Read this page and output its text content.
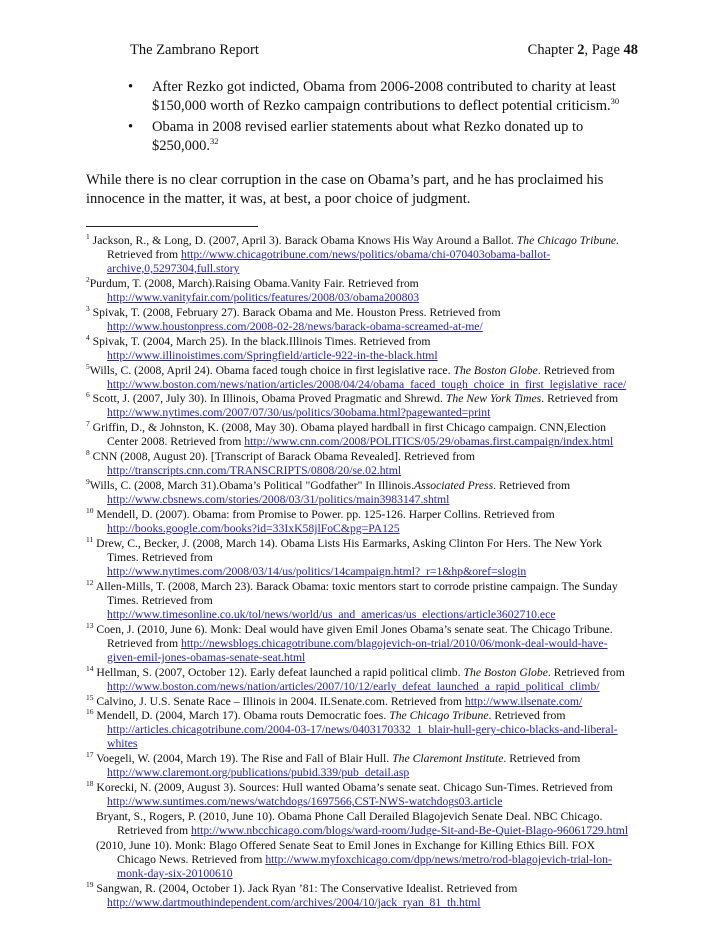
The Zambrano Report	Chapter 2, Page 48
• After Rezko got indicted, Obama from 2006-2008 contributed to charity at least
$150,000 worth of Rezko campaign contributions to deflect potential criticism.$^{30}$
• Obama in 2008 revised earlier statements about what Rezko donated up to
$250,000.32
While there is no clear corruption in the case on Obama’s part, and he has proclaimed his
innocence in the matter, it was, at best, a poor choice of judgment.
$^1$ Jackson, R., & Long, D. (2007, April 3). Barack Obama Knows His Way Around a Ballot. The Chicago Tribune.
Retrieved from http://www.chicagotribune.com/news/politics/obama/chi-070403obama-ballot-
archive,0,5297304,full.story
$^2$Purdum, T. (2008, March).Raising Obama.Vanity Fair. Retrieved from
http://www.vanityfair.com/politics/features/2008/03/obama200803
$^3$ Spivak, T. (2008, February 27). Barack Obama and Me. Houston Press. Retrieved from
http://www.houstonpress.com/2008-02-28/news/barack-obama-screamed-at-me/
$^4$ Spivak, T. (2004, March 25). In the black.Illinois Times. Retrieved from
http://www.illinoistimes.com/Springfield/article-922-in-the-black.html
$^5$Wills, C. (2008, April 24). Obama faced tough choice in first legislative race. The Boston Globe. Retrieved from
http://www.boston.com/news/nation/articles/2008/04/24/obama_faced_tough_choice_in_first_legislative_race/
$^6$ Scott, J. (2007, July 30). In Illinois, Obama Proved Pragmatic and Shrewd. The New York Times. Retrieved from
http://www.nytimes.com/2007/07/30/us/politics/30obama.html?pagewanted=print
$^7$ Griffin, D., & Johnston, K. (2008, May 30). Obama played hardball in first Chicago campaign. CNN,Election
Center 2008. Retrieved from http://www.cnn.com/2008/POLITICS/05/29/obamas.first.campaign/index.html
$^8$ CNN (2008, August 20). [Transcript of Barack Obama Revealed]. Retrieved from
http://transcripts.cnn.com/TRANSCRIPTS/0808/20/se.02.html
$^9$Wills, C. (2008, March 31).Obama’s Political "Godfather" In Illinois.Associated Press. Retrieved from
http://www.cbsnews.com/stories/2008/03/31/politics/main3983147.shtml
$^{10}$ Mendell, D. (2007). Obama: from Promise to Power. pp. 125-126. Harper Collins. Retrieved from
http://books.google.com/books?id=33IxK58jlFoC&pg=PA125
$^{11}$ Drew, C., Becker, J. (2008, March 14). Obama Lists His Earmarks, Asking Clinton For Hers. The New York
Times. Retrieved from
http://www.nytimes.com/2008/03/14/us/politics/14campaign.html?_r=1&hp&oref=slogin
$^{12}$ Allen-Mills, T. (2008, March 23). Barack Obama: toxic mentors start to corrode pristine campaign. The Sunday
Times. Retrieved from
http://www.timesonline.co.uk/tol/news/world/us_and_americas/us_elections/article3602710.ece
$^{13}$ Coen, J. (2010, June 6). Monk: Deal would have given Emil Jones Obama’s senate seat. The Chicago Tribune.
Retrieved from http://newsblogs.chicagotribune.com/blagojevich-on-trial/2010/06/monk-deal-would-have-
given-emil-jones-obamas-senate-seat.html
$^{14}$ Hellman, S. (2007, October 12). Early defeat launched a rapid political climb. The Boston Globe. Retrieved from
http://www.boston.com/news/nation/articles/2007/10/12/early_defeat_launched_a_rapid_political_climb/
$^{15}$ Calvino, J. U.S. Senate Race – Illinois in 2004. ILSenate.com. Retrieved from http://www.ilsenate.com/
$^{16}$ Mendell, D. (2004, March 17). Obama routs Democratic foes. The Chicago Tribune. Retrieved from
http://articles.chicagotribune.com/2004-03-17/news/0403170332_1_blair-hull-gery-chico-blacks-and-liberal-
whites
$^{17}$ Voegeli, W. (2004, March 19). The Rise and Fall of Blair Hull. The Claremont Institute. Retrieved from
http://www.claremont.org/publications/pubid.339/pub_detail.asp
$^{18}$ Korecki, N. (2009, August 3). Sources: Hull wanted Obama’s senate seat. Chicago Sun-Times. Retrieved from
http://www.suntimes.com/news/watchdogs/1697566,CST-NWS-watchdogs03.article
Bryant, S., Rogers, P. (2010, June 10). Obama Phone Call Derailed Blagojevich Senate Deal. NBC Chicago.
Retrieved from http://www.nbcchicago.com/blogs/ward-room/Judge-Sit-and-Be-Quiet-Blago-96061729.html
(2010, June 10). Monk: Blago Offered Senate Seat to Emil Jones in Exchange for Killing Ethics Bill. FOX
Chicago News. Retrieved from http://www.myfoxchicago.com/dpp/news/metro/rod-blagojevich-trial-lon-
monk-day-six-20100610
$^{19}$ Sangwan, R. (2004, October 1). Jack Ryan ’81: The Conservative Idealist. Retrieved from
http://www.dartmouthindependent.com/archives/2004/10/jack_ryan_81_th.html
